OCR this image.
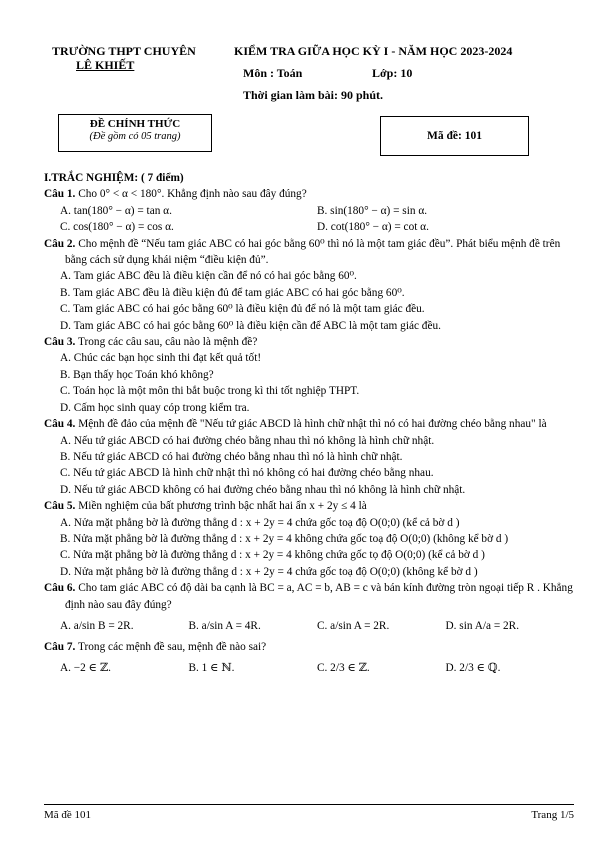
TRƯỜNG THPT CHUYÊN
LÊ KHIẾT
KIỂM TRA GIỮA HỌC KỲ I - NĂM HỌC 2023-2024
Môn : Toán	Lớp: 10
Thời gian làm bài: 90 phút.
ĐỀ CHÍNH THỨC
(Đề gồm có 05 trang)	Mã đề: 101

I.TRẮC NGHIỆM: ( 7 điểm)

Câu 1. Cho 0° < α < 180°. Khẳng định nào sau đây đúng?

A. tan(180° − α) = tan α.	B. sin(180° − α) = sin α.
C. cos(180° − α) = cos α.	D. cot(180° − α) = cot α.

Câu 2. Cho mệnh đề “Nếu tam giác ABC có hai góc bằng 60⁰ thì nó là một tam giác đều”. Phát biểu mệnh đề trên bằng cách sử dụng khái niệm “điều kiện đủ”.

A. Tam giác ABC đều là điều kiện cần để nó có hai góc bằng 60⁰.

B. Tam giác ABC đều là điều kiện đủ để tam giác ABC có hai góc bằng 60⁰.

C. Tam giác ABC có hai góc bằng 60⁰ là điều kiện đủ để nó là một tam giác đều.

D. Tam giác ABC có hai góc bằng 60⁰ là điều kiện cần để ABC là một tam giác đều.

Câu 3. Trong các câu sau, câu nào là mệnh đề?

A. Chúc các bạn học sinh thi đạt kết quả tốt!

B. Bạn thấy học Toán khó không?

C. Toán học là một môn thi bắt buộc trong kì thi tốt nghiệp THPT.

D. Cấm học sinh quay cóp trong kiểm tra.

Câu 4. Mệnh đề đảo của mệnh đề "Nếu tứ giác ABCD là hình chữ nhật thì nó có hai đường chéo bằng nhau" là

A. Nếu tứ giác ABCD có hai đường chéo bằng nhau thì nó không là hình chữ nhật.

B. Nếu tứ giác ABCD có hai đường chéo bằng nhau thì nó là hình chữ nhật.

C. Nếu tứ giác ABCD là hình chữ nhật thì nó không có hai đường chéo bằng nhau.

D. Nếu tứ giác ABCD không có hai đường chéo bằng nhau thì nó không là hình chữ nhật.

Câu 5. Miền nghiệm của bất phương trình bậc nhất hai ẩn x + 2y ≤ 4 là

A. Nửa mặt phẳng bờ là đường thẳng d : x + 2y = 4 chứa gốc toạ độ O(0;0) (kể cả bờ d )

B. Nửa mặt phẳng bờ là đường thẳng d : x + 2y = 4 không chứa gốc toạ độ O(0;0) (không kể bờ d )

C. Nửa mặt phẳng bờ là đường thẳng d : x + 2y = 4 không chứa gốc tọ độ O(0;0) (kể cả bờ d )

D. Nửa mặt phẳng bờ là đường thẳng d : x + 2y = 4 chứa gốc toạ độ O(0;0) (không kể bờ d )

Câu 6. Cho tam giác ABC có độ dài ba cạnh là BC = a, AC = b, AB = c và bán kính đường tròn ngoại tiếp R . Khẳng định nào sau đây đúng?

A. a/sin B = 2R.	B. a/sin A = 4R.	C. a/sin A = 2R.	D. sin A/a = 2R.

Câu 7. Trong các mệnh đề sau, mệnh đề nào sai?

A. −2 ∈ ℤ.	B. 1 ∈ ℕ.	C. 2/3 ∈ ℤ.	D. 2/3 ∈ ℚ.
Mã đề 101	Trang 1/5
